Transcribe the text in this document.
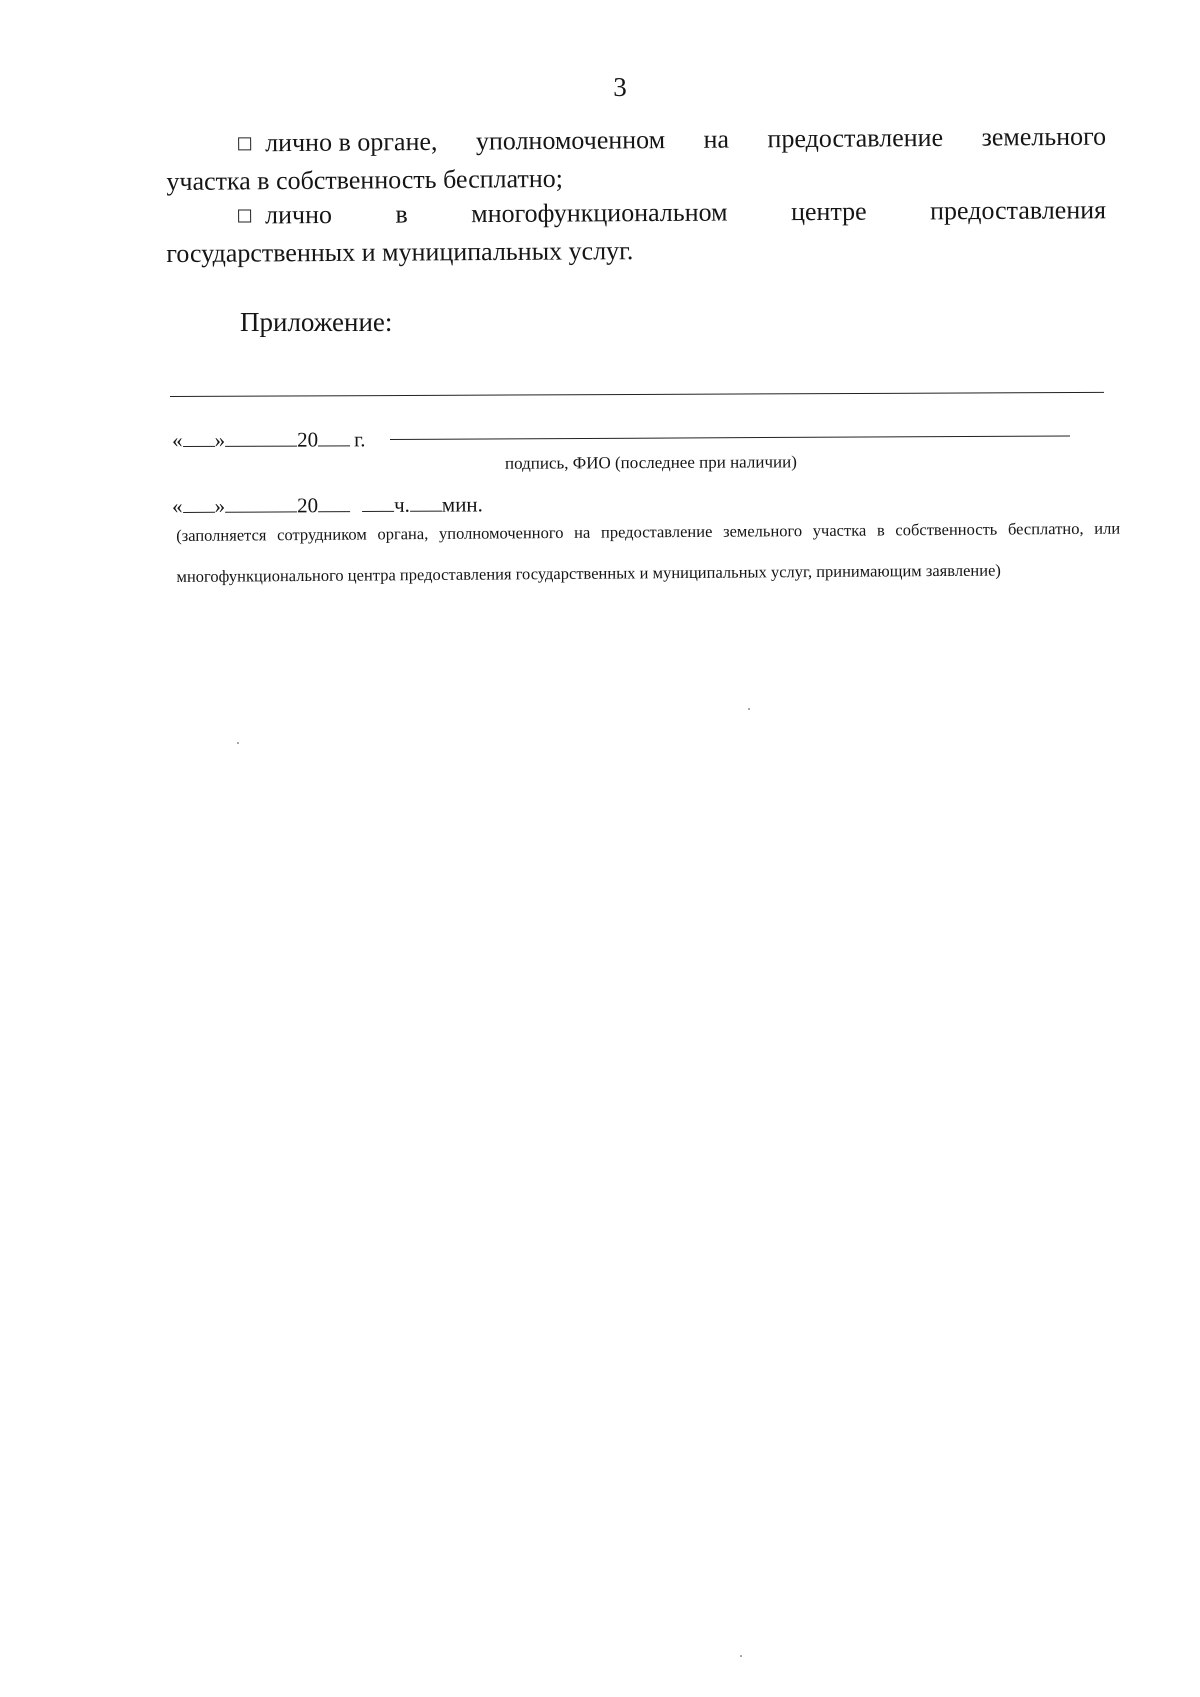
3
лично в органе, уполномоченном на предоставление земельного
участка в собственность бесплатно;
лично в многофункциональном центре предоставления
государственных и муниципальных услуг.
Приложение:
« »	20 г.
подпись, ФИО (последнее при наличии)
« »	20	ч. мин.
(заполняется сотрудником органа, уполномоченного на предоставление земельного участка в собственность бесплатно, или многофункционального центра предоставления государственных и муниципальных услуг, принимающим заявление)
